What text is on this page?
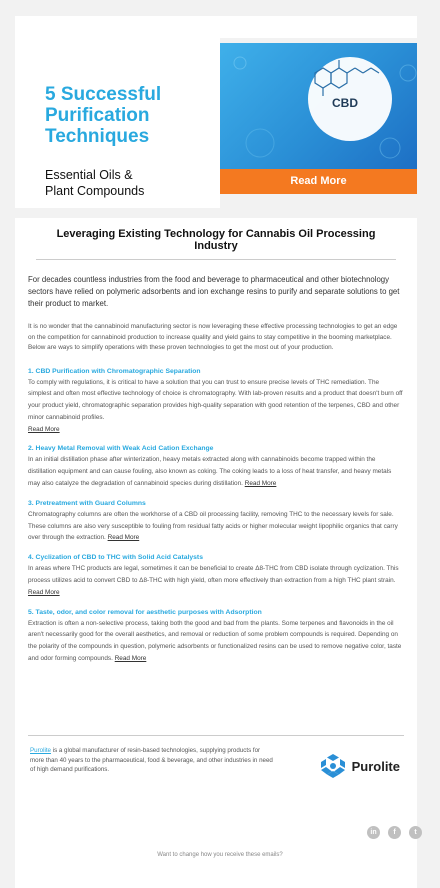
5 Successful
Purification
Techniques

Essential Oils &
Plant Compounds

CBD
Read More

Leveraging Existing Technology for Cannabis Oil Processing Industry

For decades countless industries from the food and beverage to pharmaceutical and other biotechnology sectors have relied on polymeric adsorbents and ion exchange resins to purify and separate solutions to get their product to market.

It is no wonder that the cannabinoid manufacturing sector is now leveraging these effective processing technologies to get an edge on the competition for cannabinoid production to increase quality and yield gains to stay competitive in the booming marketplace. Below are ways to simplify operations with these proven technologies to get the most out of your production.

1. CBD Purification with Chromatographic Separation

To comply with regulations, it is critical to have a solution that you can trust to ensure precise levels of THC remediation. The simplest and often most effective technology of choice is chromatography. With lab-proven results and a product that doesn't burn off your product yield, chromatographic separation provides high-quality separation with good retention of the terpenes, CBD and other minor cannabinoid profiles.
Read More

2. Heavy Metal Removal with Weak Acid Cation Exchange

In an initial distillation phase after winterization, heavy metals extracted along with cannabinoids become trapped within the distillation equipment and can cause fouling, also known as coking. The coking leads to a loss of heat transfer, and heavy metals may also catalyze the degradation of cannabinoid species during distillation. Read More

3. Pretreatment with Guard Columns

Chromatography columns are often the workhorse of a CBD oil processing facility, removing THC to the necessary levels for sale. These columns are also very susceptible to fouling from residual fatty acids or higher molecular weight lipophilic organics that carry over through the extraction. Read More

4. Cyclization of CBD to THC with Solid Acid Catalysts

In areas where THC products are legal, sometimes it can be beneficial to create Δ8-THC from CBD isolate through cyclization. This process utilizes acid to convert CBD to Δ8-THC with high yield, often more effectively than extraction from a high THC plant strain. Read More

5. Taste, odor, and color removal for aesthetic purposes with Adsorption

Extraction is often a non-selective process, taking both the good and bad from the plants. Some terpenes and flavonoids in the oil aren't necessarily good for the overall aesthetics, and removal or reduction of some problem compounds is required. Depending on the polarity of the compounds in question, polymeric adsorbents or functionalized resins can be used to remove negative color, taste and odor forming compounds. Read More

Purolite is a global manufacturer of resin-based technologies, supplying products for more than 40 years to the pharmaceutical, food & beverage, and other industries in need of high demand purifications.	Purolite
in	f	t
Want to change how you receive these emails?
